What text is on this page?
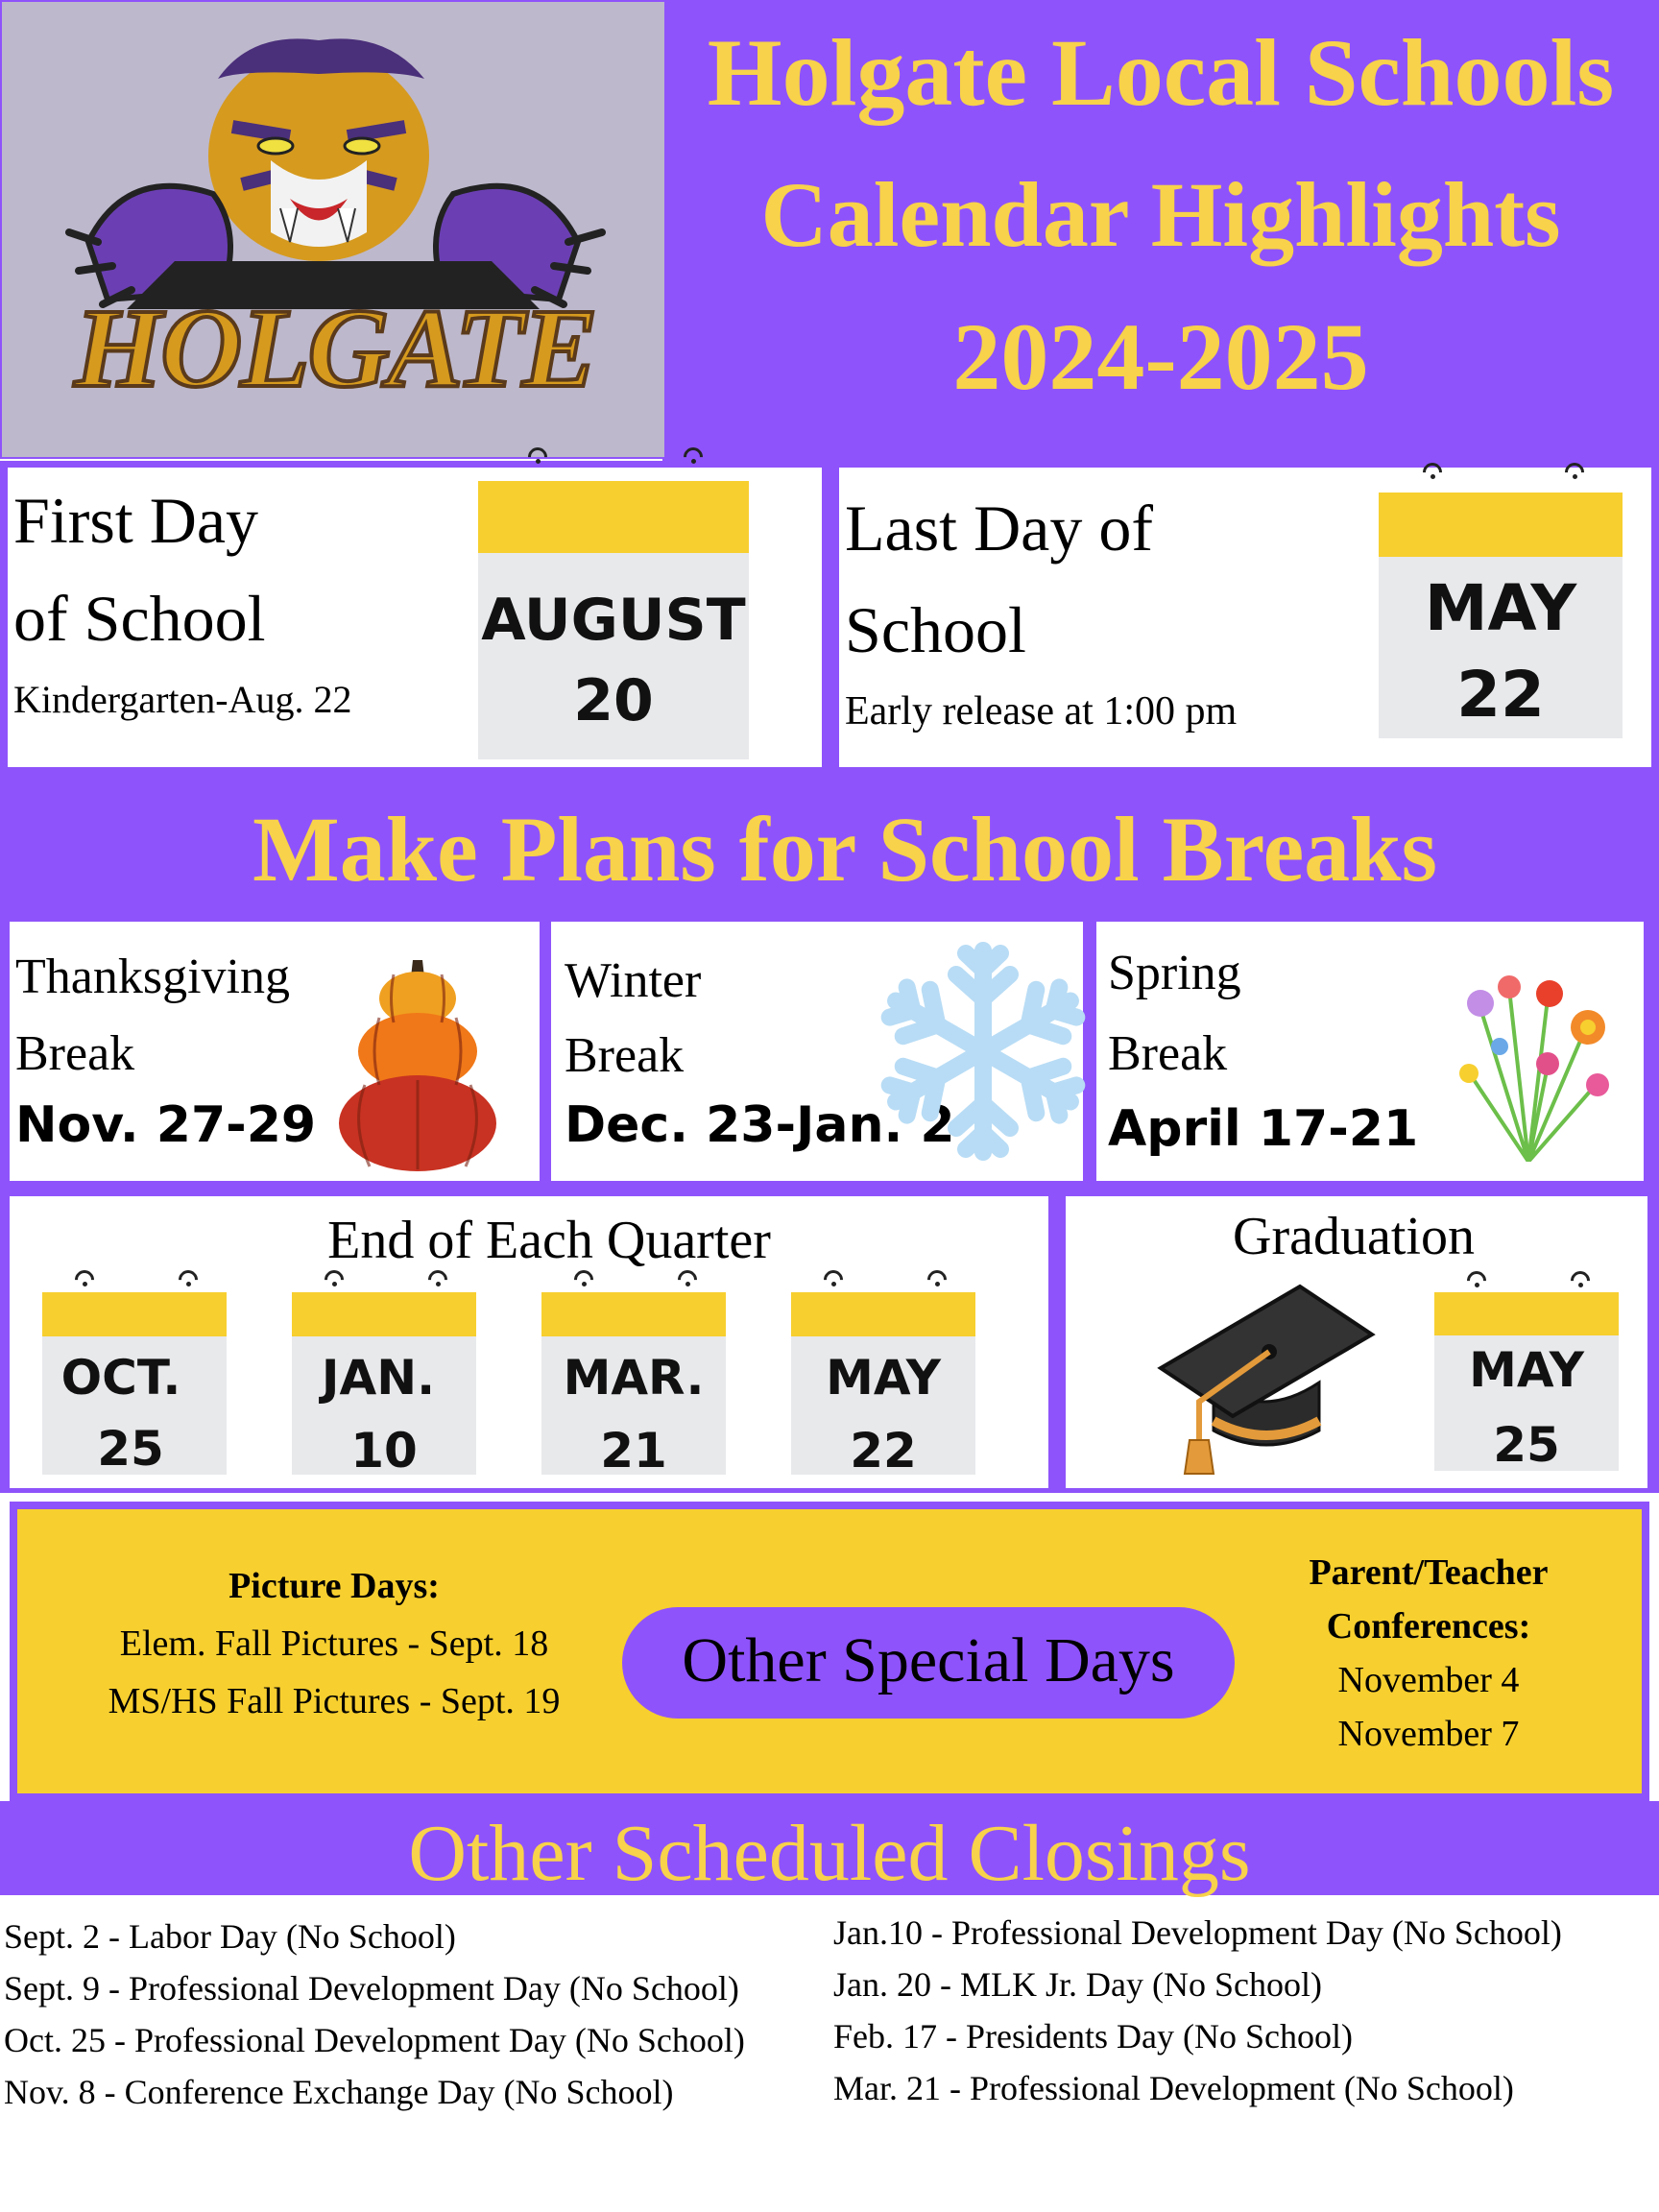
HOLGATE
Holgate Local Schools
Calendar Highlights
2024-2025
First Day
of School
Kindergarten-Aug. 22
AUGUST
20
Last Day of
School
Early release at 1:00 pm
MAY
22
Make Plans for School Breaks
Thanksgiving
Break
Nov. 27-29
Winter
Break
Dec. 23-Jan. 2
Spring
Break
April 17-21
End of Each Quarter
OCT.
25
JAN.
10
MAR.
21
MAY
22
Graduation
MAY
25
Picture Days:
Elem. Fall Pictures - Sept. 18
MS/HS Fall Pictures - Sept. 19
Other Special Days
Parent/Teacher
Conferences:
November 4
November 7
Other Scheduled Closings
Sept. 2 - Labor Day (No School)
Sept. 9 - Professional Development Day (No School)
Oct. 25 - Professional Development Day (No School)
Nov. 8 - Conference Exchange Day (No School)
Jan.10 - Professional Development Day (No School)
Jan. 20 - MLK Jr. Day (No School)
Feb. 17 - Presidents Day (No School)
Mar. 21 - Professional Development (No School)
